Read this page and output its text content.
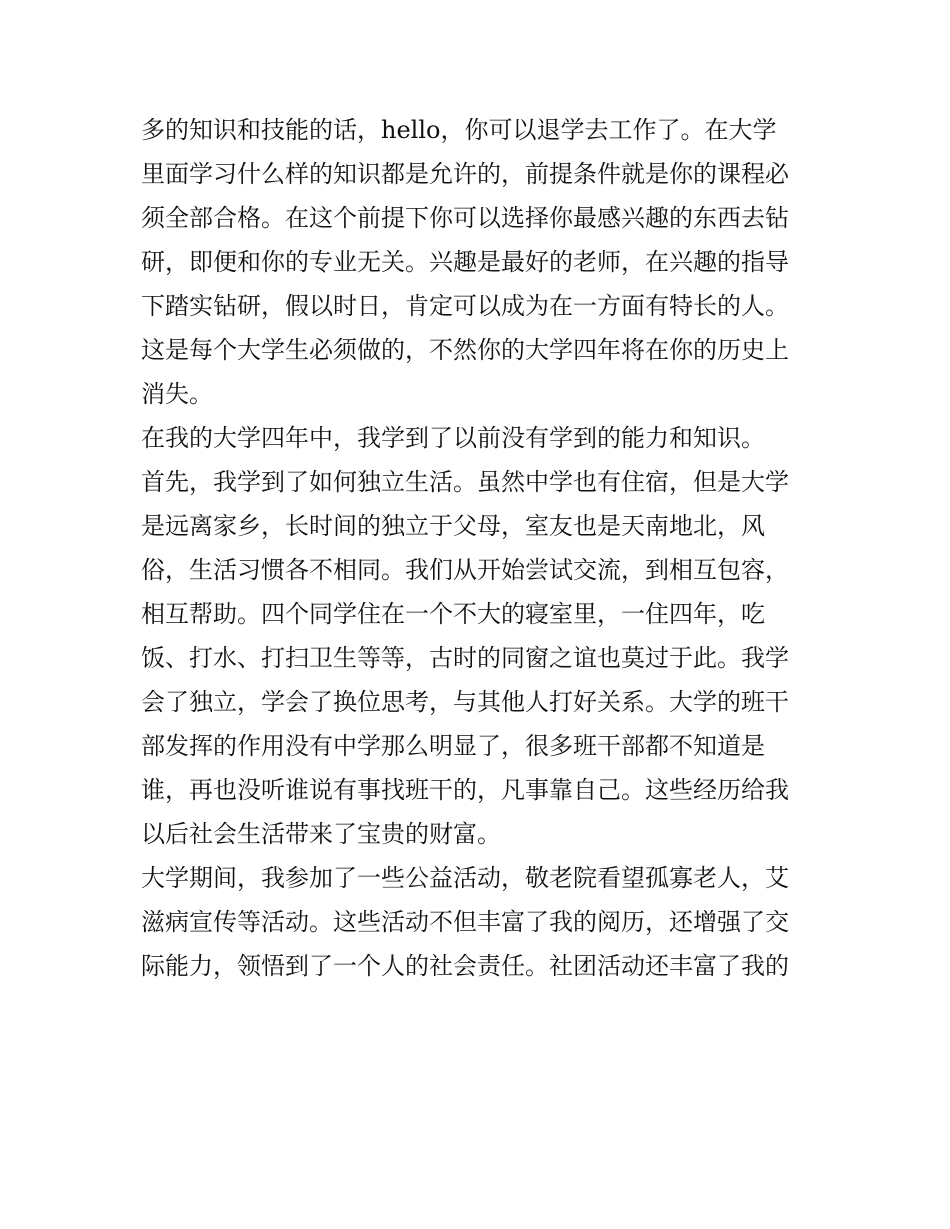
多的知识和技能的话，hello，你可以退学去工作了。在大学
里面学习什么样的知识都是允许的，前提条件就是你的课程必
须全部合格。在这个前提下你可以选择你最感兴趣的东西去钻
研，即便和你的专业无关。兴趣是最好的老师，在兴趣的指导
下踏实钻研，假以时日，肯定可以成为在一方面有特长的人。
这是每个大学生必须做的，不然你的大学四年将在你的历史上
消失。
在我的大学四年中，我学到了以前没有学到的能力和知识。
首先，我学到了如何独立生活。虽然中学也有住宿，但是大学
是远离家乡，长时间的独立于父母，室友也是天南地北，风
俗，生活习惯各不相同。我们从开始尝试交流，到相互包容，
相互帮助。四个同学住在一个不大的寝室里，一住四年，吃
饭、打水、打扫卫生等等，古时的同窗之谊也莫过于此。我学
会了独立，学会了换位思考，与其他人打好关系。大学的班干
部发挥的作用没有中学那么明显了，很多班干部都不知道是
谁，再也没听谁说有事找班干的，凡事靠自己。这些经历给我
以后社会生活带来了宝贵的财富。
大学期间，我参加了一些公益活动，敬老院看望孤寡老人，艾
滋病宣传等活动。这些活动不但丰富了我的阅历，还增强了交
际能力，领悟到了一个人的社会责任。社团活动还丰富了我的
